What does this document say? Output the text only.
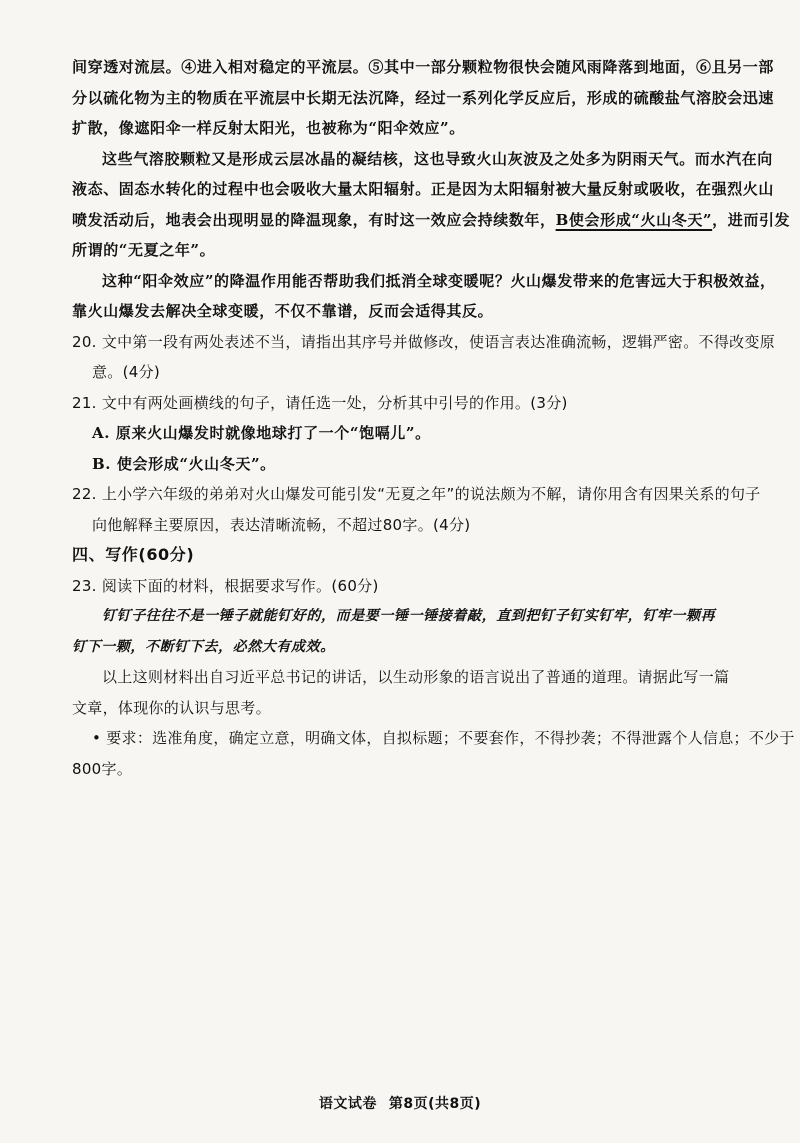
间穿透对流层。④进入相对稳定的平流层。⑤其中一部分颗粒物很快会随风雨降落到地面，⑥且另一部
分以硫化物为主的物质在平流层中长期无法沉降，经过一系列化学反应后，形成的硫酸盐气溶胶会迅速
扩散，像遮阳伞一样反射太阳光，也被称为“阳伞效应”。
这些气溶胶颗粒又是形成云层冰晶的凝结核，这也导致火山灰波及之处多为阴雨天气。而水汽在向
液态、固态水转化的过程中也会吸收大量太阳辐射。正是因为太阳辐射被大量反射或吸收，在强烈火山
喷发活动后，地表会出现明显的降温现象，有时这一效应会持续数年，B使会形成“火山冬天”，进而引发
所谓的“无夏之年”。
这种“阳伞效应”的降温作用能否帮助我们抵消全球变暖呢？火山爆发带来的危害远大于积极效益，
靠火山爆发去解决全球变暖，不仅不靠谱，反而会适得其反。
20. 文中第一段有两处表述不当，请指出其序号并做修改，使语言表达准确流畅，逻辑严密。不得改变原
意。(4分)
21. 文中有两处画横线的句子，请任选一处，分析其中引号的作用。(3分)
A. 原来火山爆发时就像地球打了一个“饱嗝儿”。
B. 使会形成“火山冬天”。
22. 上小学六年级的弟弟对火山爆发可能引发“无夏之年”的说法颇为不解，请你用含有因果关系的句子
向他解释主要原因，表达清晰流畅，不超过80字。(4分)
四、写作(60分)
23. 阅读下面的材料，根据要求写作。(60分)
钉钉子往往不是一锤子就能钉好的，而是要一锤一锤接着敲，直到把钉子钉实钉牢，钉牢一颗再
钉下一颗，不断钉下去，必然大有成效。
以上这则材料出自习近平总书记的讲话，以生动形象的语言说出了普通的道理。请据此写一篇
文章，体现你的认识与思考。
• 要求：选准角度，确定立意，明确文体，自拟标题；不要套作，不得抄袭；不得泄露个人信息；不少于
800字。
语文试卷 第8页(共8页)
